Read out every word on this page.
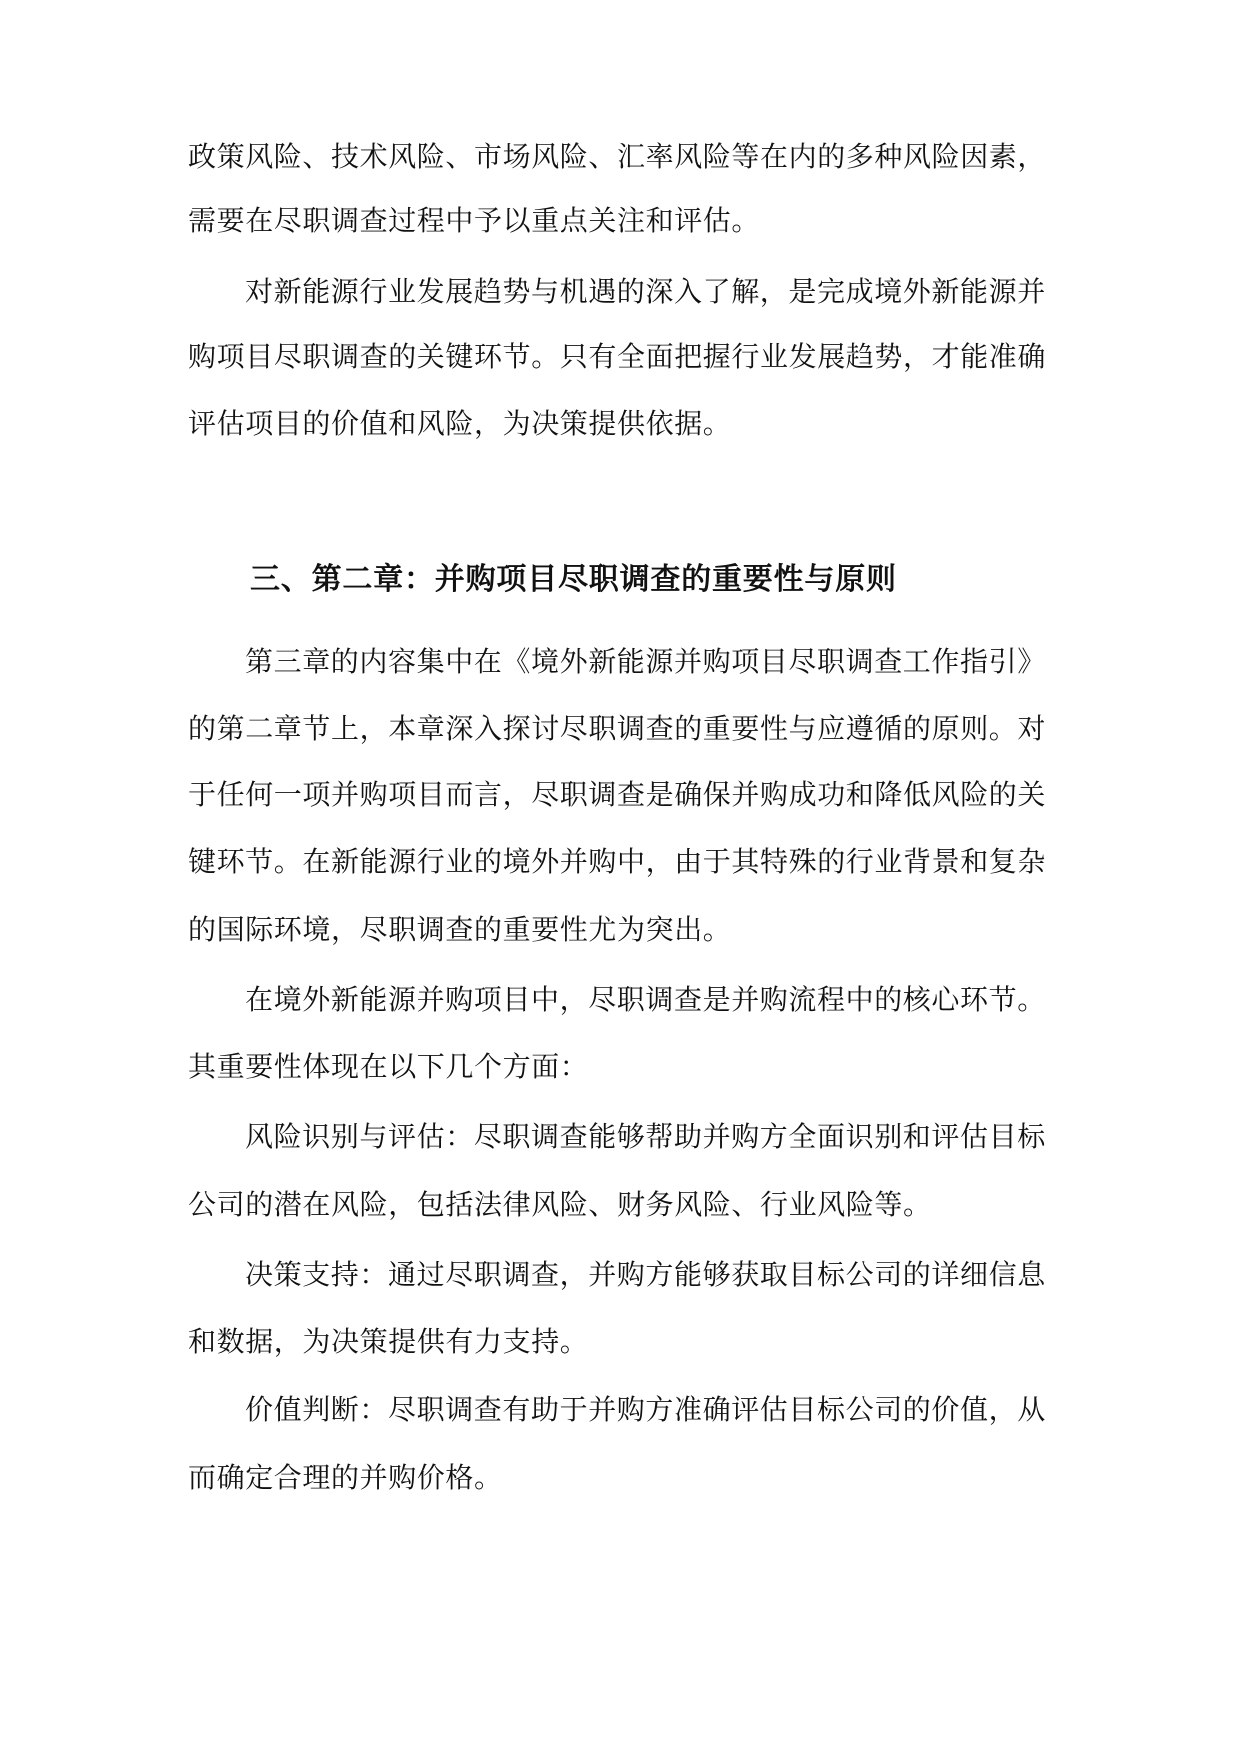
政策风险、技术风险、市场风险、汇率风险等在内的多种风险因素，
需要在尽职调查过程中予以重点关注和评估。
对新能源行业发展趋势与机遇的深入了解，是完成境外新能源并
购项目尽职调查的关键环节。只有全面把握行业发展趋势，才能准确
评估项目的价值和风险，为决策提供依据。
三、第二章：并购项目尽职调查的重要性与原则
第三章的内容集中在《境外新能源并购项目尽职调查工作指引》
的第二章节上，本章深入探讨尽职调查的重要性与应遵循的原则。对
于任何一项并购项目而言，尽职调查是确保并购成功和降低风险的关
键环节。在新能源行业的境外并购中，由于其特殊的行业背景和复杂
的国际环境，尽职调查的重要性尤为突出。
在境外新能源并购项目中，尽职调查是并购流程中的核心环节。
其重要性体现在以下几个方面：
风险识别与评估：尽职调查能够帮助并购方全面识别和评估目标
公司的潜在风险，包括法律风险、财务风险、行业风险等。
决策支持：通过尽职调查，并购方能够获取目标公司的详细信息
和数据，为决策提供有力支持。
价值判断：尽职调查有助于并购方准确评估目标公司的价值，从
而确定合理的并购价格。
